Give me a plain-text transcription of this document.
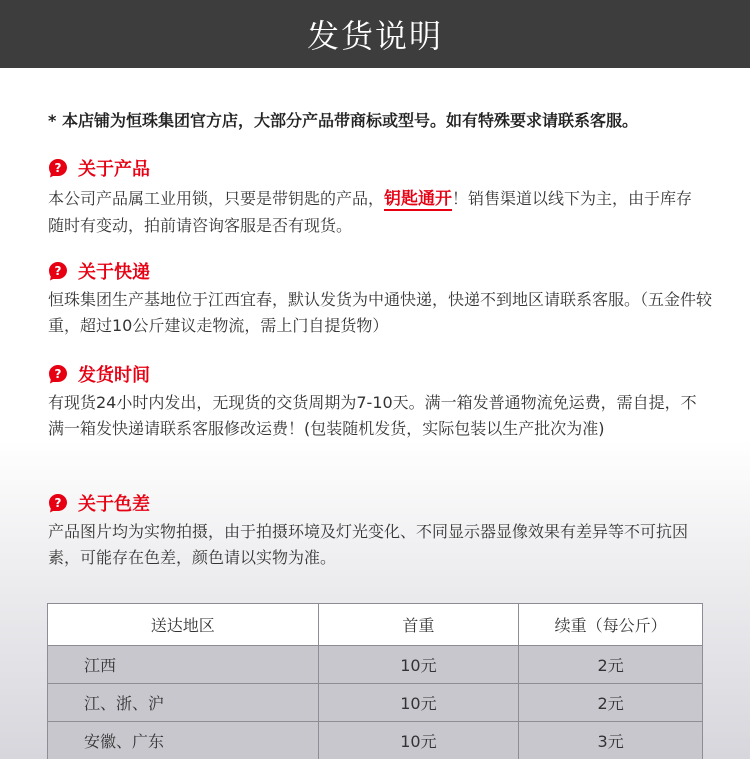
发货说明
* 本店铺为恒珠集团官方店，大部分产品带商标或型号。如有特殊要求请联系客服。
? 关于产品
本公司产品属工业用锁，只要是带钥匙的产品，钥匙通开！销售渠道以线下为主，由于库存随时有变动，拍前请咨询客服是否有现货。
? 关于快递
恒珠集团生产基地位于江西宜春，默认发货为中通快递，快递不到地区请联系客服。（五金件较重，超过10公斤建议走物流，需上门自提货物）
? 发货时间
有现货24小时内发出，无现货的交货周期为7-10天。满一箱发普通物流免运费，需自提，不满一箱发快递请联系客服修改运费！(包装随机发货，实际包装以生产批次为准)
? 关于色差
产品图片均为实物拍摄，由于拍摄环境及灯光变化、不同显示器显像效果有差异等不可抗因素，可能存在色差，颜色请以实物为准。
送达地区	首重	续重（每公斤）
江西	10元	2元
江、浙、沪	10元	2元
安徽、广东	10元	3元
